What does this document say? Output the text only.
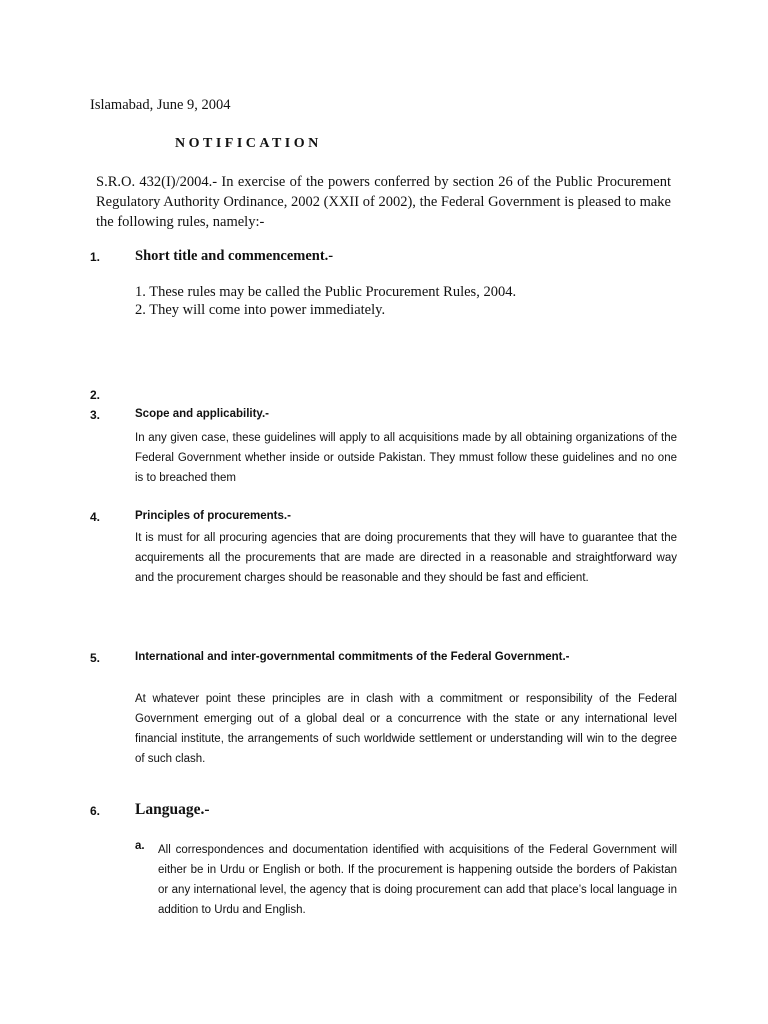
Islamabad, June 9, 2004
NOTIFICATION
S.R.O. 432(I)/2004.- In exercise of the powers conferred by section 26 of the Public Procurement Regulatory Authority Ordinance, 2002 (XXII of 2002), the Federal Government is pleased to make the following rules, namely:-
1. Short title and commencement.-
1. These rules may be called the Public Procurement Rules, 2004.
2. They will come into power immediately.
2.
3.	Scope and applicability.-
In any given case, these guidelines will apply to all acquisitions made by all obtaining organizations of the Federal Government whether inside or outside Pakistan. They mmust follow these guidelines and no one is to breached them
4.	Principles of procurements.-
It is must for all procuring agencies that are doing procurements that they will have to guarantee that the acquirements all the procurements that are made are directed in a reasonable and straightforward way and the procurement charges should be reasonable and they should be fast and efficient.
5.	International and inter-governmental commitments of the Federal Government.-
At whatever point these principles are in clash with a commitment or responsibility of the Federal Government emerging out of a global deal or a concurrence with the state or any international level financial institute, the arrangements of such worldwide settlement or understanding will win to the degree of such clash.
6. Language.-
a. All correspondences and documentation identified with acquisitions of the Federal Government will either be in Urdu or English or both. If the procurement is happening outside the borders of Pakistan or any international level, the agency that is doing procurement can add that place’s local language in addition to Urdu and English.
